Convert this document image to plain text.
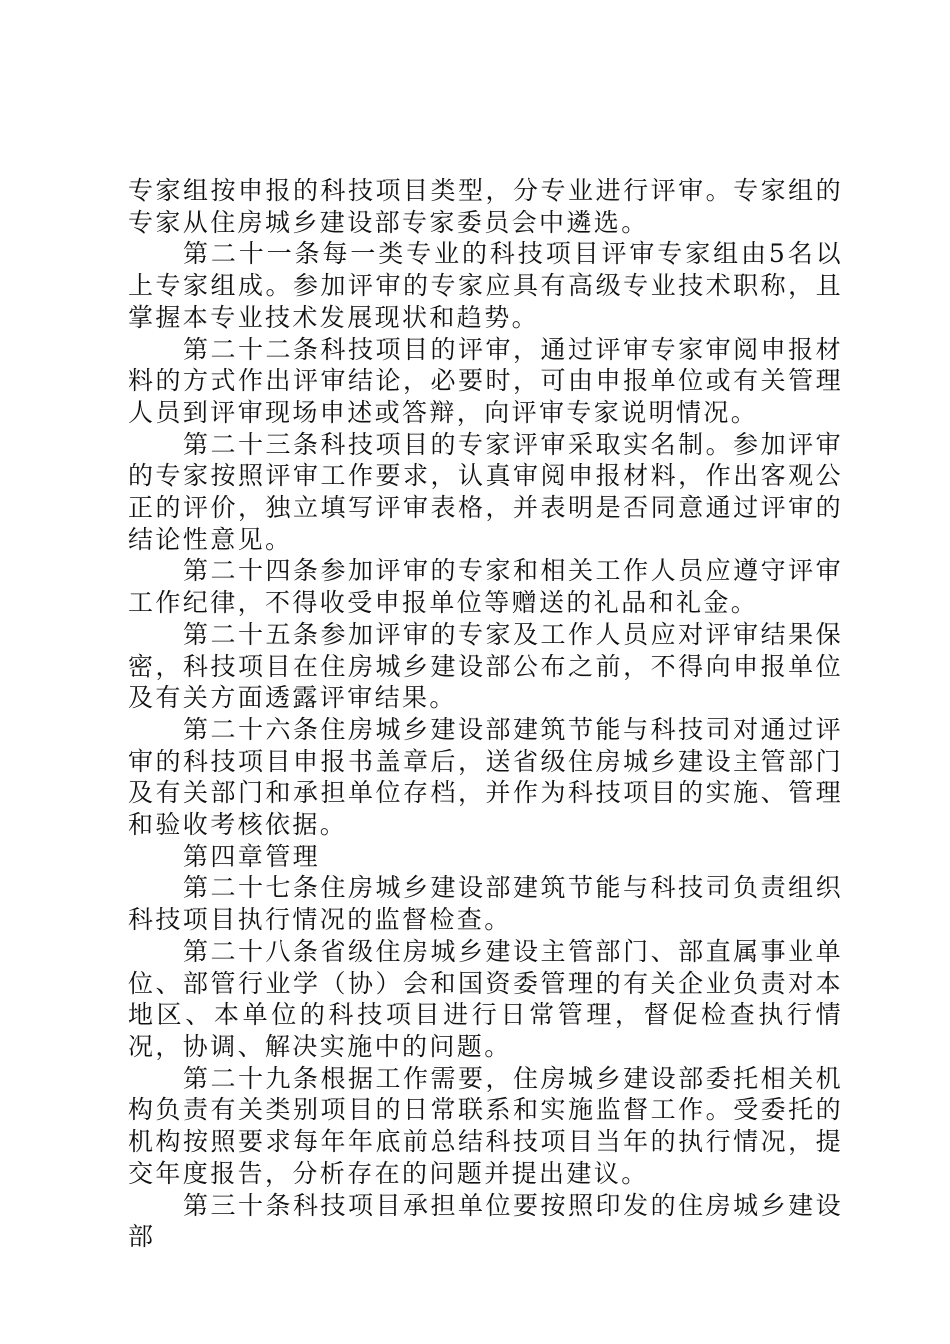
专家组按申报的科技项目类型，分专业进行评审。专家组的专家从住房城乡建设部专家委员会中遴选。

第二十一条每一类专业的科技项目评审专家组由5名以上专家组成。参加评审的专家应具有高级专业技术职称，且掌握本专业技术发展现状和趋势。

第二十二条科技项目的评审，通过评审专家审阅申报材料的方式作出评审结论，必要时，可由申报单位或有关管理人员到评审现场申述或答辩，向评审专家说明情况。

第二十三条科技项目的专家评审采取实名制。参加评审的专家按照评审工作要求，认真审阅申报材料，作出客观公正的评价，独立填写评审表格，并表明是否同意通过评审的结论性意见。

第二十四条参加评审的专家和相关工作人员应遵守评审工作纪律，不得收受申报单位等赠送的礼品和礼金。

第二十五条参加评审的专家及工作人员应对评审结果保密，科技项目在住房城乡建设部公布之前，不得向申报单位及有关方面透露评审结果。

第二十六条住房城乡建设部建筑节能与科技司对通过评审的科技项目申报书盖章后，送省级住房城乡建设主管部门及有关部门和承担单位存档，并作为科技项目的实施、管理和验收考核依据。

第四章管理

第二十七条住房城乡建设部建筑节能与科技司负责组织科技项目执行情况的监督检查。

第二十八条省级住房城乡建设主管部门、部直属事业单位、部管行业学（协）会和国资委管理的有关企业负责对本地区、本单位的科技项目进行日常管理，督促检查执行情况，协调、解决实施中的问题。

第二十九条根据工作需要，住房城乡建设部委托相关机构负责有关类别项目的日常联系和实施监督工作。受委托的机构按照要求每年年底前总结科技项目当年的执行情况，提交年度报告，分析存在的问题并提出建议。

第三十条科技项目承担单位要按照印发的住房城乡建设部
